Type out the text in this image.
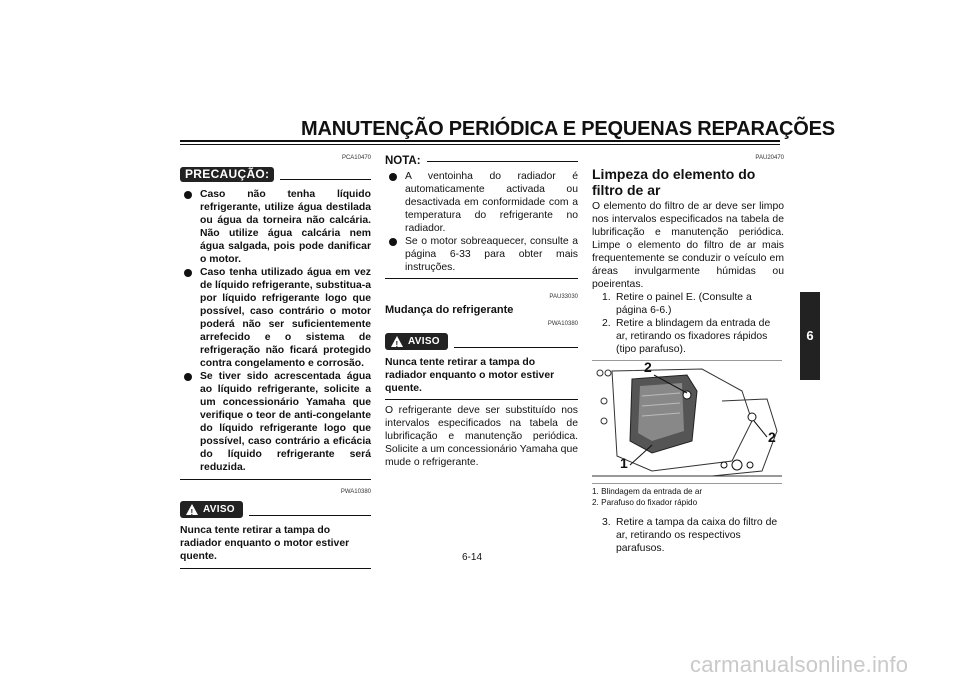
MANUTENÇÃO PERIÓDICA E PEQUENAS REPARAÇÕES
PCA10470
PRECAUÇÃO:

Caso não tenha líquido refrigerante, utilize água destilada ou água da torneira não calcária. Não utilize água calcária nem água salgada, pois pode danificar o motor.

Caso tenha utilizado água em vez de líquido refrigerante, substitua-a por líquido refrigerante logo que possível, caso contrário o motor poderá não ser suficientemente arrefecido e o sistema de refrigeração não ficará protegido contra congelamento e corrosão.

Se tiver sido acrescentada água ao líquido refrigerante, solicite a um concessionário Yamaha que verifique o teor de anti-congelante do líquido refrigerante logo que possível, caso contrário a eficácia do líquido refrigerante será reduzida.

PWA10380
! AVISO
Nunca tente retirar a tampa do radiador enquanto o motor estiver quente.
NOTA:

A ventoinha do radiador é automaticamente activada ou desactivada em conformidade com a temperatura do refrigerante no radiador.

Se o motor sobreaquecer, consulte a página 6-33 para obter mais instruções.

PAU33030
Mudança do refrigerante
PWA10380
! AVISO
Nunca tente retirar a tampa do radiador enquanto o motor estiver quente.
O refrigerante deve ser substituído nos intervalos especificados na tabela de lubrificação e manutenção periódica. Solicite a um concessionário Yamaha que mude o refrigerante.
PAU20470
Limpeza do elemento do filtro de ar
O elemento do filtro de ar deve ser limpo nos intervalos especificados na tabela de lubrificação e manutenção periódica. Limpe o elemento do filtro de ar mais frequentemente se conduzir o veículo em áreas invulgarmente húmidas ou poeirentas.
1. Retire o painel E. (Consulte a página 6-6.)
2. Retire a blindagem da entrada de ar, retirando os fixadores rápidos (tipo parafuso).
2
2
1
1. Blindagem da entrada de ar
2. Parafuso do fixador rápido
3. Retire a tampa da caixa do filtro de ar, retirando os respectivos parafusos.
6
6-14
carmanualsonline.info
